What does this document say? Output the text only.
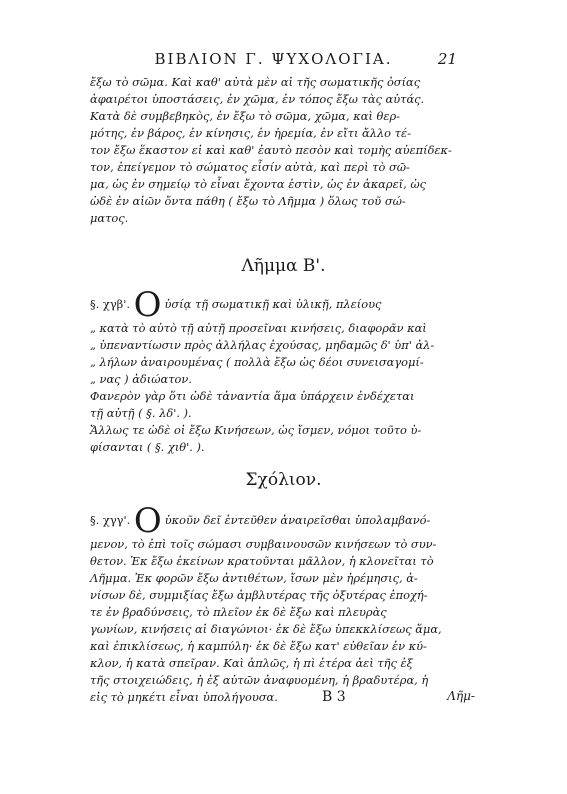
ΒΙΒΛΙΟΝ Γ. ΨΥΧΟΛΟΓΙΑ.	21

ἔξω τὸ σῶμα. Καὶ καθ' αὐτὰ μὲν αἱ τῆς σωματικῆς ὀσίας

ἀφαιρέτοι ὑποστάσεις, ἐν χῶμα, ἐν τόπος ἔξω τὰς αὐτάς.

Κατὰ δὲ συμβεβηκὸς, ἐν ἔξω τὸ σῶμα, χῶμα, καὶ θερ-

μότης, ἐν βάρος, ἐν κίνησις, ἐν ἠρεμία, ἐν εἴτι ἄλλο τέ-

τον ἔξω ἕκαστον εἰ καὶ καθ' ἑαυτὸ πεσὸν καὶ τομὴς αὐεπίδεκ-

τον, ἐπείγεμον τὸ σώματος εἶσίν αὐτὰ, καὶ περὶ τὸ σῶ-

μα, ὡς ἐν σημείῳ τὸ εἶναι ἔχοντα ἐστὶν, ὡς ἐν ἀκαρεῖ, ὡς

ὡδὲ ἐν αἰῶν ὄντα πάθη ( ἔξω τὸ Λῆμμα ) ὅλως τοῦ σώ-

ματος.

Λῆμμα Β'.

§. χγβ'. Ο ὐσίᾳ τῇ σωματικῇ καὶ ὑλικῇ, πλείους

„ κατὰ τὸ αὐτὸ τῇ αὐτῇ προσεῖναι κινήσεις, διαφορᾶν καὶ

„ ὑπεναντίωσιν πρὸς ἀλλήλας ἐχούσας, μηδαμῶς δ' ὑπ' ἀλ-

„ λήλων ἀναιρουμένας ( πολλὰ ἔξω ὡς δέοι συνεισαγομί-

„ νας ) ἀδιώατον.

Φανερὸν γὰρ ὅτι ὡδὲ τἀναντία ἅμα ὑπάρχειν ἐνδέχεται

τῇ αὐτῇ ( §. λδ'. ).

Ἄλλως τε ὡδὲ οἱ ἔξω Κινήσεων, ὡς ἴσμεν, νόμοι τοῦτο ὑ-

φίσανται ( §. χιθ'. ).

Σχόλιον.

§. χγγ'. Ο ὐκοῦν δεῖ ἐντεῦθεν ἀναιρεῖσθαι ὑπολαμβανό-

μενον, τὸ ἐπὶ τοῖς σώμασι συμβαινουσῶν κινήσεων τὸ συν-

θετον. Ἐκ ἔξω ἐκείνων κρατοῦνται μᾶλλον, ἡ κλονεῖται τὸ

Λῆμμα. Ἐκ φορῶν ἔξω ἀντιθέτων, ἴσων μὲν ἠρέμησις, ἀ-

νίσων δὲ, συμμιξίας ἔξω ἀμβλυτέρας τῆς ὀξυτέρας ἐποχή-

τε ἐν βραδύνσεις, τὸ πλεῖον ἐκ δὲ ἔξω καὶ πλευρὰς

γωνίων, κινήσεις αἱ διαγώνιοι· ἐκ δὲ ἔξω ὑπεκκλίσεως ἅμα,

καὶ ἐπικλίσεως, ἡ καμπύλη· ἐκ δὲ ἔξω κατ' εὐθεῖαν ἐν κύ-

κλον, ἡ κατὰ σπεῖραν. Καὶ ἁπλῶς, ἡ πὶ ἑτέρα ἀεὶ τῆς ἐξ

τῆς στοιχειώδεις, ἡ ἐξ αὐτῶν ἀναφυομένη, ἡ βραδυτέρα, ἡ

εἰς τὸ μηκέτι εἶναι ὑπολήγουσα.	B 3	Λῆμ-
